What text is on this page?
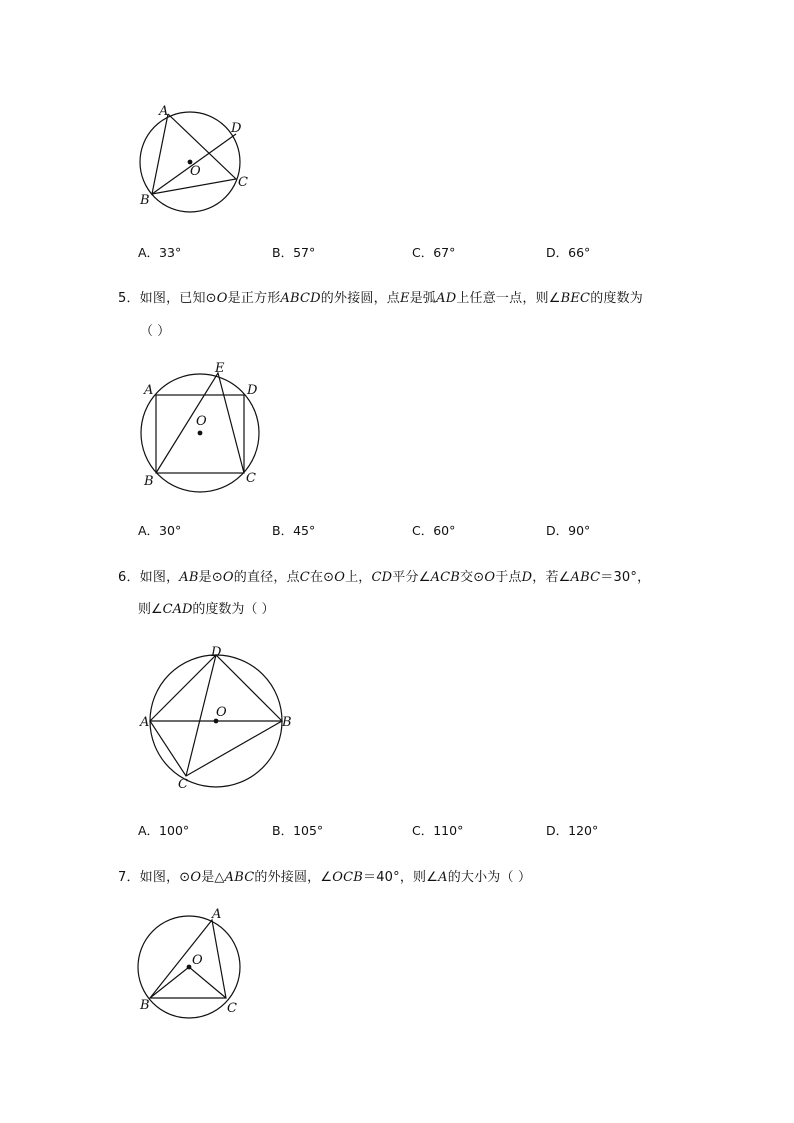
A
D
O
C
B
A．33°	B．57°	C．67°	D．66°
5．如图，已知⊙O是正方形ABCD的外接圆，点E是弧AD上任意一点，则∠BEC的度数为
（ ）
A
E
D
O
B	C
A．30°	B．45°	C．60°	D．90°
6．如图，AB是⊙O的直径，点C在⊙O上，CD平分∠ACB交⊙O于点D，若∠ABC＝30°，
则∠CAD的度数为（ ）
D
A
O
B
C
A．100°	B．105°	C．110°	D．120°
7．如图，⊙O是△ABC的外接圆，∠OCB＝40°，则∠A的大小为（ ）
A
O
B	C
